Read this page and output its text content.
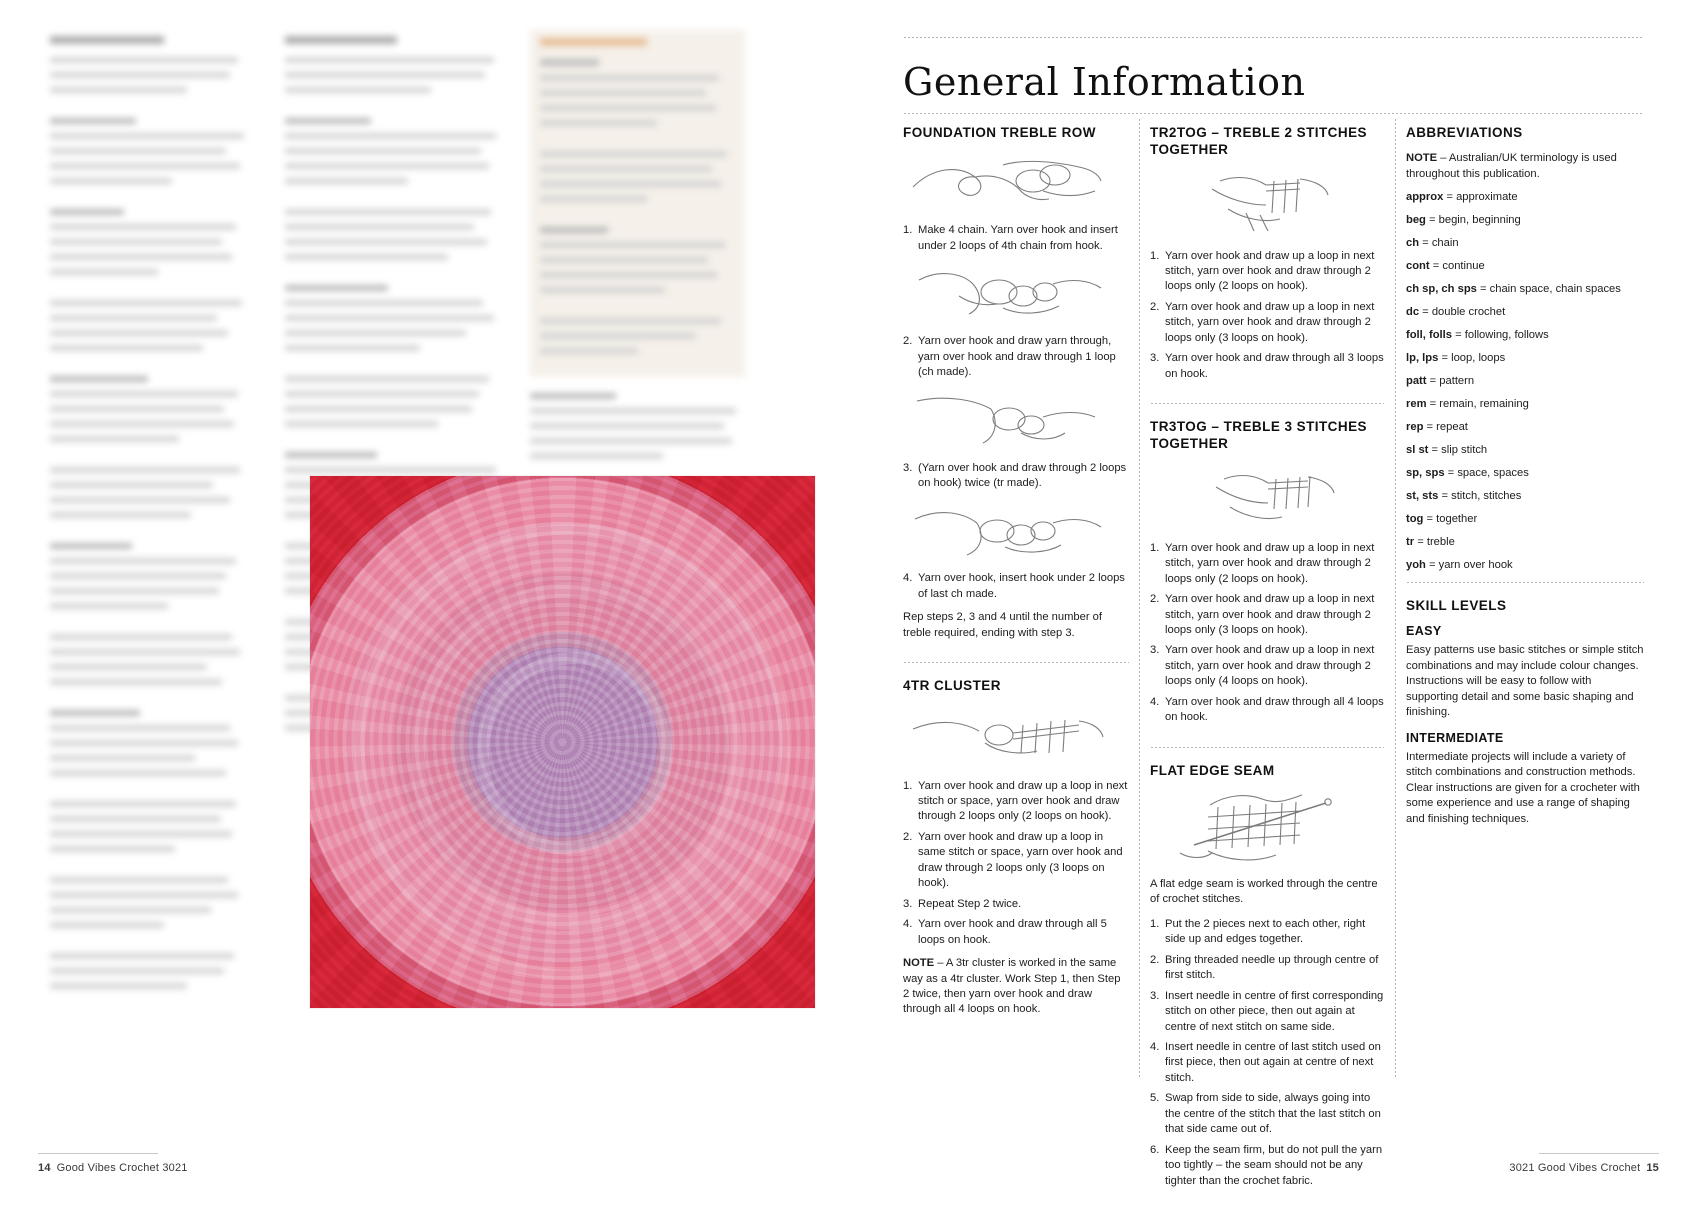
14 Good Vibes Crochet 3021
General Information
FOUNDATION TREBLE ROW
Make 4 chain. Yarn over hook and insert under 2 loops of 4th chain from hook.
Yarn over hook and draw yarn through, yarn over hook and draw through 1 loop (ch made).
(Yarn over hook and draw through 2 loops on hook) twice (tr made).
Yarn over hook, insert hook under 2 loops of last ch made.

Rep steps 2, 3 and 4 until the number of treble required, ending with step 3.

4TR CLUSTER
Yarn over hook and draw up a loop in next stitch or space, yarn over hook and draw through 2 loops only (2 loops on hook).
Yarn over hook and draw up a loop in same stitch or space, yarn over hook and draw through 2 loops only (3 loops on hook).
Repeat Step 2 twice.
Yarn over hook and draw through all 5 loops on hook.

NOTE – A 3tr cluster is worked in the same way as a 4tr cluster. Work Step 1, then Step 2 twice, then yarn over hook and draw through all 4 loops on hook.

TR2TOG – TREBLE 2 STITCHES TOGETHER
Yarn over hook and draw up a loop in next stitch, yarn over hook and draw through 2 loops only (2 loops on hook).
Yarn over hook and draw up a loop in next stitch, yarn over hook and draw through 2 loops only (3 loops on hook).
Yarn over hook and draw through all 3 loops on hook.
TR3TOG – TREBLE 3 STITCHES TOGETHER
Yarn over hook and draw up a loop in next stitch, yarn over hook and draw through 2 loops only (2 loops on hook).
Yarn over hook and draw up a loop in next stitch, yarn over hook and draw through 2 loops only (3 loops on hook).
Yarn over hook and draw up a loop in next stitch, yarn over hook and draw through 2 loops only (4 loops on hook).
Yarn over hook and draw through all 4 loops on hook.
FLAT EDGE SEAM

A flat edge seam is worked through the centre of crochet stitches.

Put the 2 pieces next to each other, right side up and edges together.
Bring threaded needle up through centre of first stitch.
Insert needle in centre of first corresponding stitch on other piece, then out again at centre of next stitch on same side.
Insert needle in centre of last stitch used on first piece, then out again at centre of next stitch.
Swap from side to side, always going into the centre of the stitch that the last stitch on that side came out of.
Keep the seam firm, but do not pull the yarn too tightly – the seam should not be any tighter than the crochet fabric.
ABBREVIATIONS

NOTE – Australian/UK terminology is used throughout this publication.

approx = approximate
beg = begin, beginning
ch = chain
cont = continue
ch sp, ch sps = chain space, chain spaces
dc = double crochet
foll, folls = following, follows
lp, lps = loop, loops
patt = pattern
rem = remain, remaining
rep = repeat
sl st = slip stitch
sp, sps = space, spaces
st, sts = stitch, stitches
tog = together
tr = treble
yoh = yarn over hook
SKILL LEVELS
EASY

Easy patterns use basic stitches or simple stitch combinations and may include colour changes. Instructions will be easy to follow with supporting detail and some basic shaping and finishing.

INTERMEDIATE

Intermediate projects will include a variety of stitch combinations and construction methods. Clear instructions are given for a crocheter with some experience and use a range of shaping and finishing techniques.

3021 Good Vibes Crochet 15
